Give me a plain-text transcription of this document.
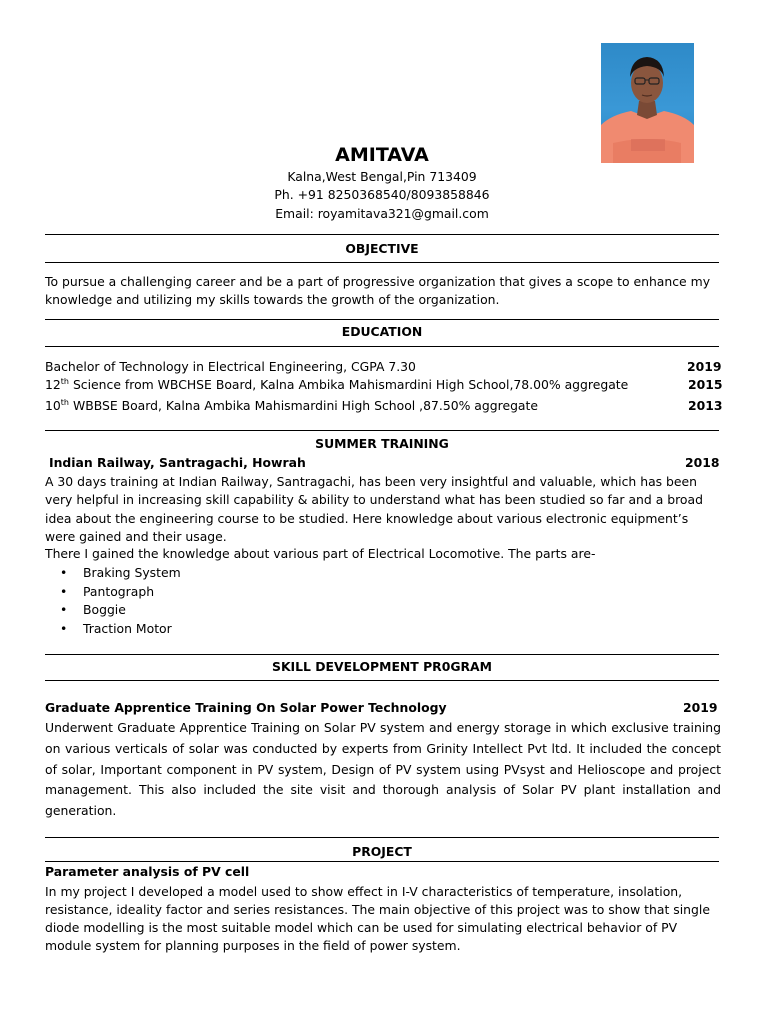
AMITAVA
Kalna,West Bengal,Pin 713409
Ph. +91 8250368540/8093858846
Email: royamitava321@gmail.com
OBJECTIVE
To pursue a challenging career and be a part of progressive organization that gives a scope to enhance my
knowledge and utilizing my skills towards the growth of the organization.
EDUCATION
Bachelor of Technology in Electrical Engineering, CGPA 7.30	2019
12th Science from WBCHSE Board, Kalna Ambika Mahismardini High School,78.00% aggregate	2015
10th WBBSE Board, Kalna Ambika Mahismardini High School ,87.50% aggregate	2013
SUMMER TRAINING
Indian Railway, Santragachi, Howrah	2018
A 30 days training at Indian Railway, Santragachi, has been very insightful and valuable, which has been
very helpful in increasing skill capability & ability to understand what has been studied so far and a broad
idea about the engineering course to be studied. Here knowledge about various electronic equipment’s
were gained and their usage.
There I gained the knowledge about various part of Electrical Locomotive. The parts are-
• Braking System
• Pantograph
• Boggie
• Traction Motor
SKILL DEVELOPMENT PR0GRAM
Graduate Apprentice Training On Solar Power Technology	2019
Underwent Graduate Apprentice Training on Solar PV system and energy storage in which exclusive training on various verticals of solar was conducted by experts from Grinity Intellect Pvt ltd. It included the concept of solar, Important component in PV system, Design of PV system using PVsyst and Helioscope and project management. This also included the site visit and thorough analysis of Solar PV plant installation and generation.
PROJECT
Parameter analysis of PV cell
In my project I developed a model used to show effect in I-V characteristics of temperature, insolation,
resistance, ideality factor and series resistances. The main objective of this project was to show that single
diode modelling is the most suitable model which can be used for simulating electrical behavior of PV
module system for planning purposes in the field of power system.
